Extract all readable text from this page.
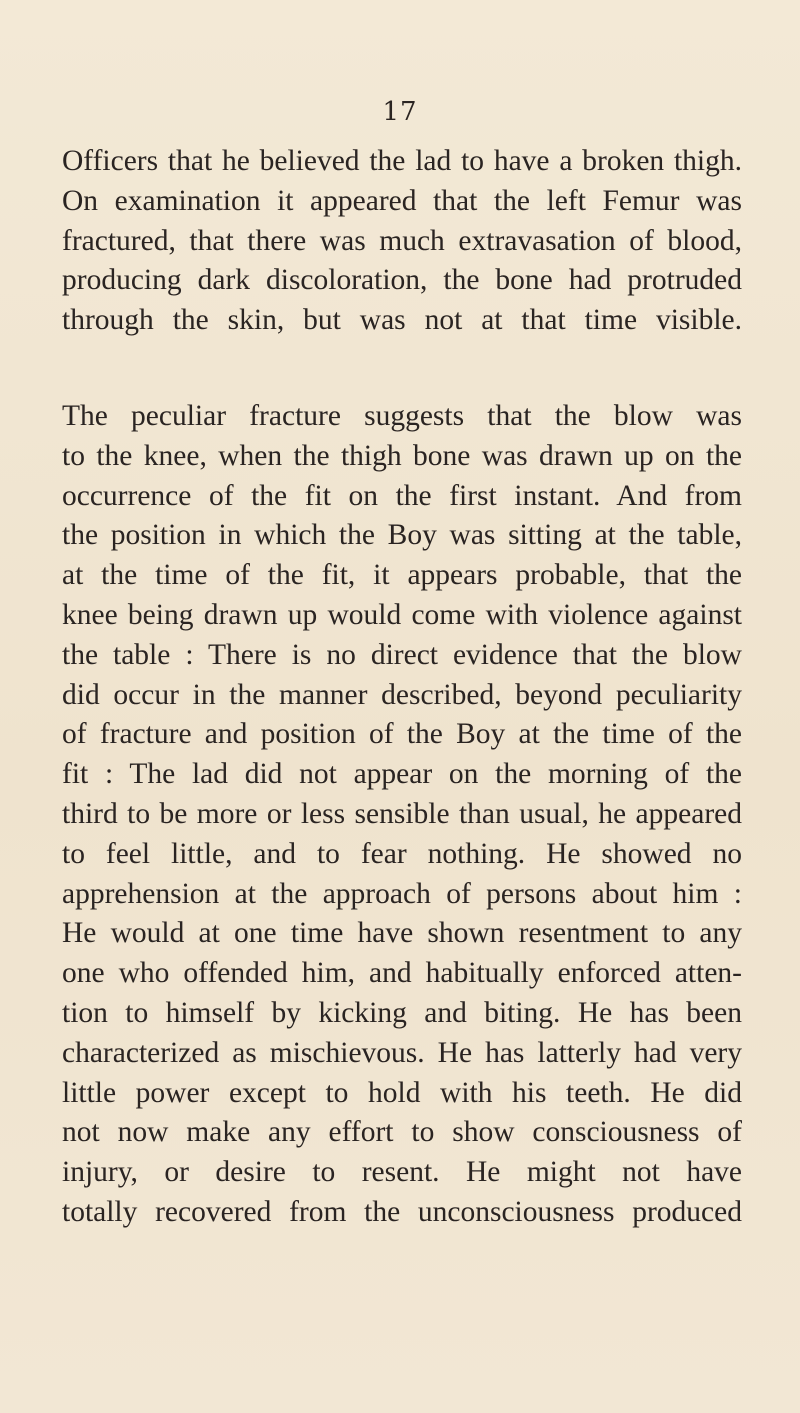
17
Officers that he believed the lad to have a broken thigh.
On examination it appeared that the left Femur was
fractured, that there was much extravasation of blood,
producing dark discoloration, the bone had protruded
through the skin, but was not at that time visible.
The peculiar fracture suggests that the blow was
to the knee, when the thigh bone was drawn up on the
occurrence of the fit on the first instant. And from
the position in which the Boy was sitting at the table,
at the time of the fit, it appears probable, that the
knee being drawn up would come with violence against
the table : There is no direct evidence that the blow
did occur in the manner described, beyond peculiarity
of fracture and position of the Boy at the time of the
fit : The lad did not appear on the morning of the
third to be more or less sensible than usual, he appeared
to feel little, and to fear nothing. He showed no
apprehension at the approach of persons about him :
He would at one time have shown resentment to any
one who offended him, and habitually enforced atten-
tion to himself by kicking and biting. He has been
characterized as mischievous. He has latterly had very
little power except to hold with his teeth. He did
not now make any effort to show consciousness of
injury, or desire to resent. He might not have
totally recovered from the unconsciousness produced
